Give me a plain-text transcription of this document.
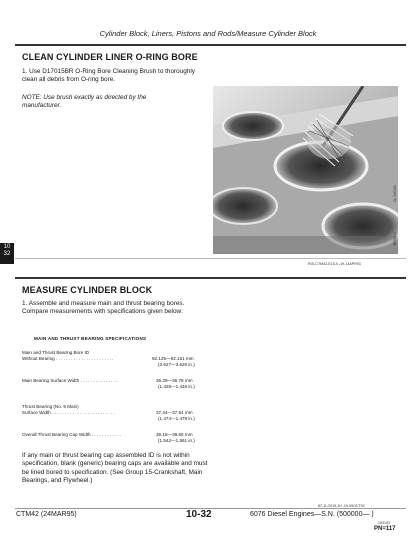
Cylinder Block, Liners, Pistons and Rods/Measure Cylinder Block
CLEAN CYLINDER LINER O-RING BORE
1. Use D17015BR O-Ring Bore Cleaning Brush to thoroughly clean all debris from O-ring bore.
NOTE: Use brush exactly as directed by the manufacturer.
CL 04CI01
RG5614
RGLCTM42-EL5-0 -19-14APR93
10
32
MEASURE CYLINDER BLOCK
1. Assemble and measure main and thrust bearing bores. Compare measurements with specifications given below:
MAIN AND THRUST BEARING SPECIFICATIONS
Main and Thrust Bearing Bore ID
Without Bearing . . . . . . . . . . . . . . . . . . . . . . .	92.125—92.151 mm
(3.627—3.628 in.)
Main Bearing Surface Width . . . . . . . . . . . . . . .	36.28—36.78 mm
(1.428—1.448 in.)
Thrust Bearing (No. 5 Main)
Surface Width . . . . . . . . . . . . . . . . . . . . . . . . .	37.44—37.54 mm
(1.474—1.478 in.)
Overall Thrust Bearing Cap Width . . . . . . . . . . . .	39.16—39.66 mm
(1.542—1.561 in.)
If any main or thrust bearing cap assembled ID is not within specification, blank (generic) bearing caps are available and must be lined bored to specification. (See Group 15-Crankshaft, Main Bearings, and Flywheel.)
87-11-2015-JH -19-09OCT92
CTM42 (24MAR95)	10-32	6076 Diesel Engines—S.N. (500000— )
100193
PN=117
